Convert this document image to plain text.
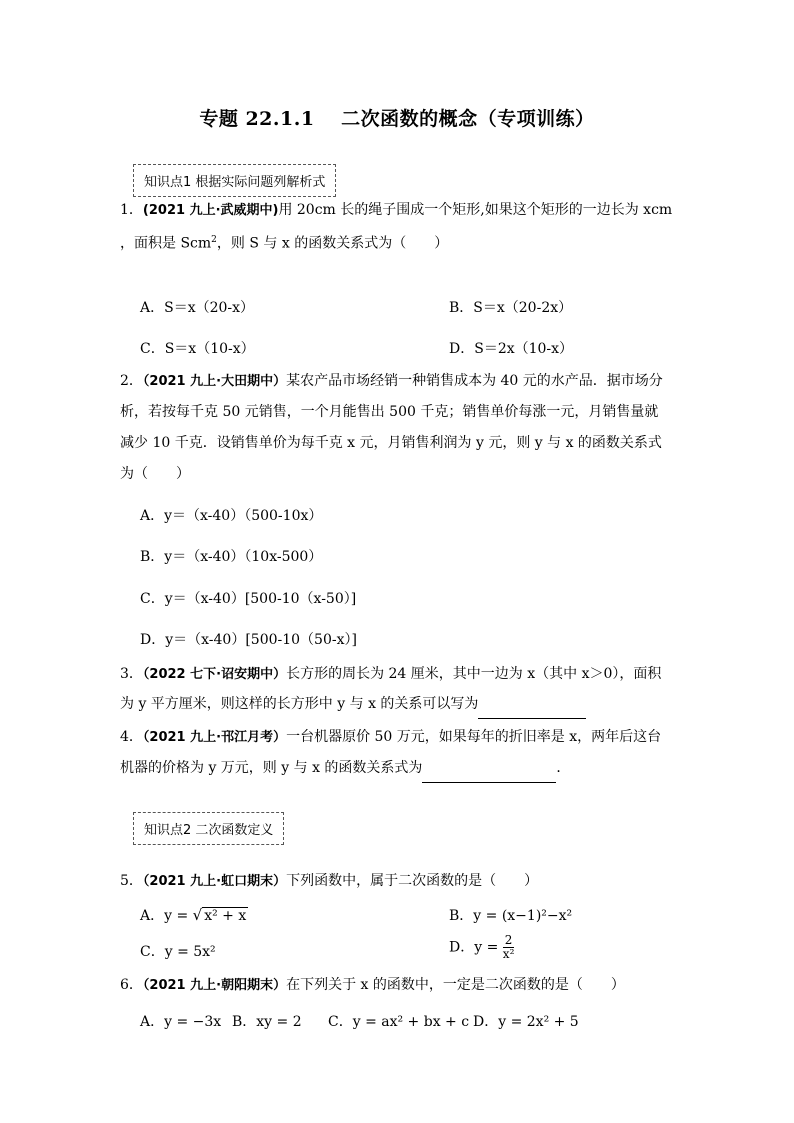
专题 22.1.1　 二次函数的概念（专项训练）
知识点1 根据实际问题列解析式
1．(2021 九上·武威期中)用 20cm 长的绳子围成一个矩形,如果这个矩形的一边长为 xcm
，面积是 Scm$^2$，则 S 与 x 的函数关系式为（　　）
A．S＝x（20-x）	B．S＝x（20-2x）
C．S＝x（10-x）	D．S＝2x（10-x）
2．（2021 九上·大田期中）某农产品市场经销一种销售成本为 40 元的水产品．据市场分
析，若按每千克 50 元销售，一个月能售出 500 千克；销售单价每涨一元，月销售量就
减少 10 千克．设销售单价为每千克 x 元，月销售利润为 y 元，则 y 与 x 的函数关系式
为（　　）
A．y＝（x-40）（500-10x）
B．y＝（x-40）（10x-500）
C．y＝（x-40）[500-10（x-50）]
D．y＝（x-40）[500-10（50-x）]
3．（2022 七下·诏安期中）长方形的周长为 24 厘米，其中一边为 x（其中 x＞0），面积
为 y 平方厘米，则这样的长方形中 y 与 x 的关系可以写为
4．（2021 九上·邗江月考）一台机器原价 50 万元，如果每年的折旧率是 x，两年后这台
机器的价格为 y 万元，则 y 与 x 的函数关系式为	．
知识点2 二次函数定义
5．（2021 九上·虹口期末）下列函数中，属于二次函数的是（　　）
A．y = √ x² + x	B．y = (x−1)²−x²
C．y = 5x²	D．$y = \frac{2}{\text{x²}}$
6．（2021 九上·朝阳期末）在下列关于 x 的函数中，一定是二次函数的是（　　）
A．y = −3x B．xy = 2 C．y = ax² + bx + c D．y = 2x² + 5
